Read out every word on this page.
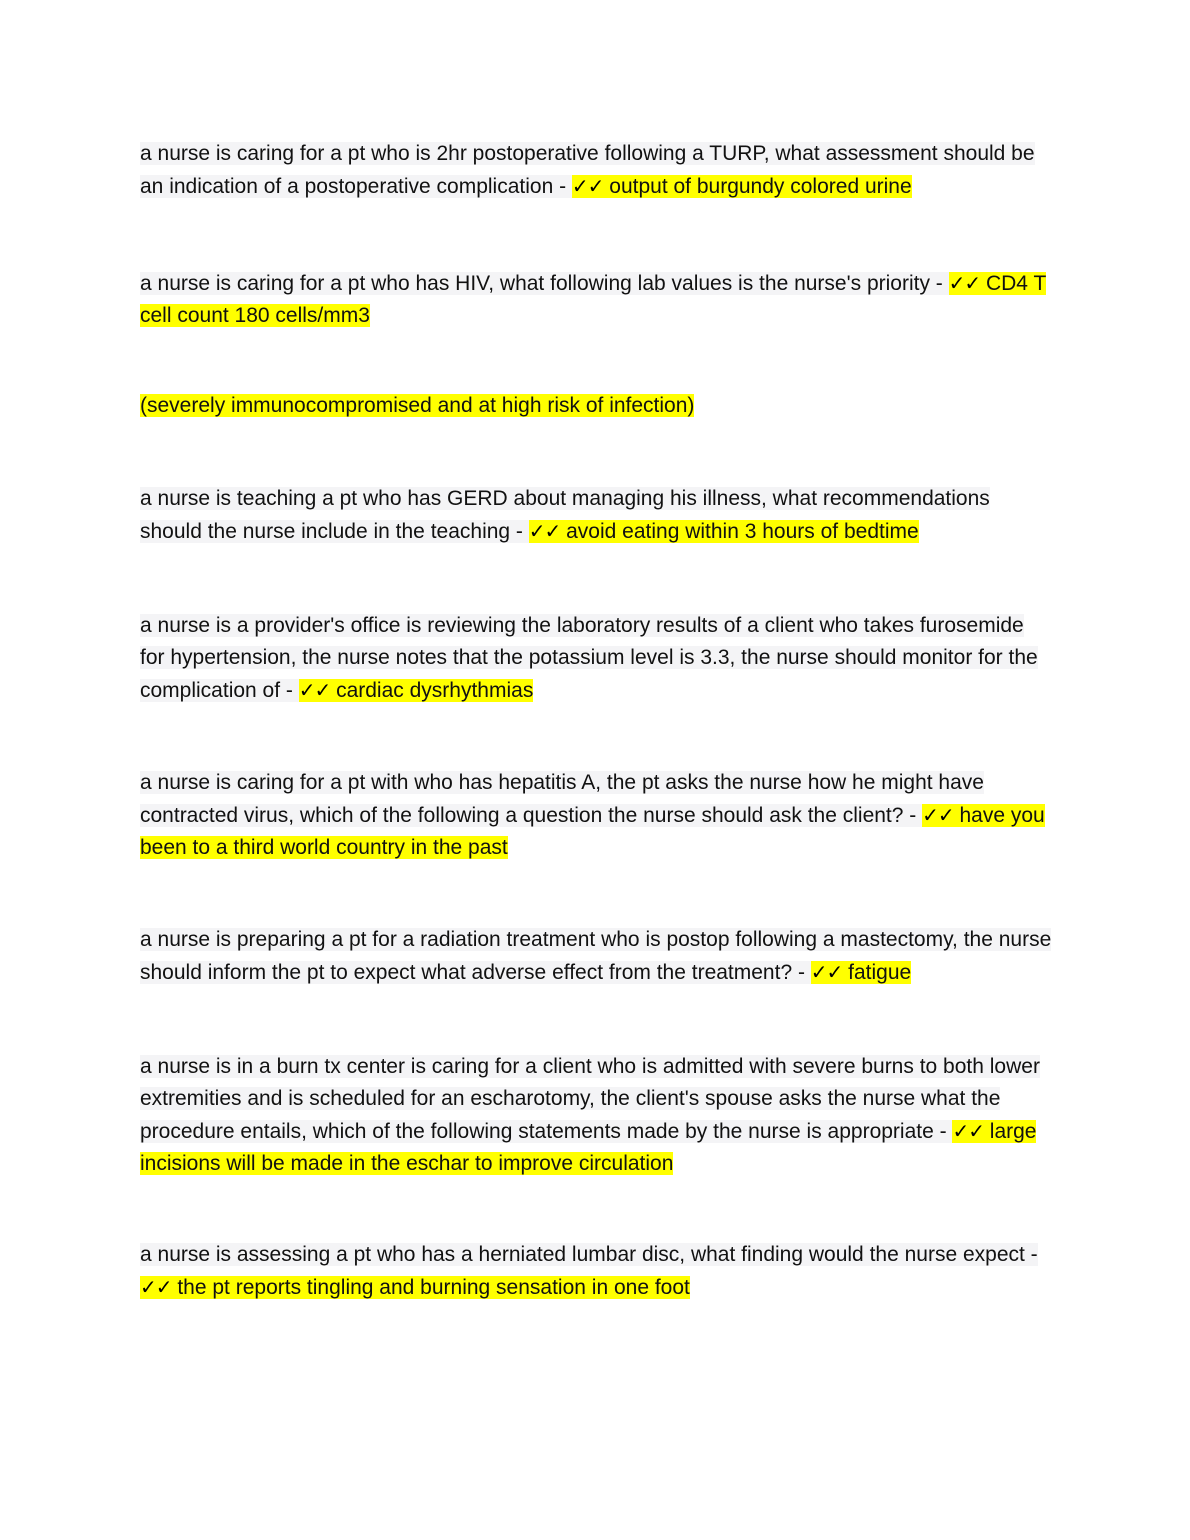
a nurse is caring for a pt who is 2hr postoperative following a TURP, what assessment should be an indication of a postoperative complication - ✓✓ output of burgundy colored urine
a nurse is caring for a pt who has HIV, what following lab values is the nurse's priority - ✓✓ CD4 T cell count 180 cells/mm3
(severely immunocompromised and at high risk of infection)
a nurse is teaching a pt who has GERD about managing his illness, what recommendations should the nurse include in the teaching - ✓✓ avoid eating within 3 hours of bedtime
a nurse is a provider's office is reviewing the laboratory results of a client who takes furosemide for hypertension, the nurse notes that the potassium level is 3.3, the nurse should monitor for the complication of - ✓✓ cardiac dysrhythmias
a nurse is caring for a pt with who has hepatitis A, the pt asks the nurse how he might have contracted virus, which of the following a question the nurse should ask the client? - ✓✓ have you been to a third world country in the past
a nurse is preparing a pt for a radiation treatment who is postop following a mastectomy, the nurse should inform the pt to expect what adverse effect from the treatment? - ✓✓ fatigue
a nurse is in a burn tx center is caring for a client who is admitted with severe burns to both lower extremities and is scheduled for an escharotomy, the client's spouse asks the nurse what the procedure entails, which of the following statements made by the nurse is appropriate - ✓✓ large incisions will be made in the eschar to improve circulation
a nurse is assessing a pt who has a herniated lumbar disc, what finding would the nurse expect - ✓✓ the pt reports tingling and burning sensation in one foot
